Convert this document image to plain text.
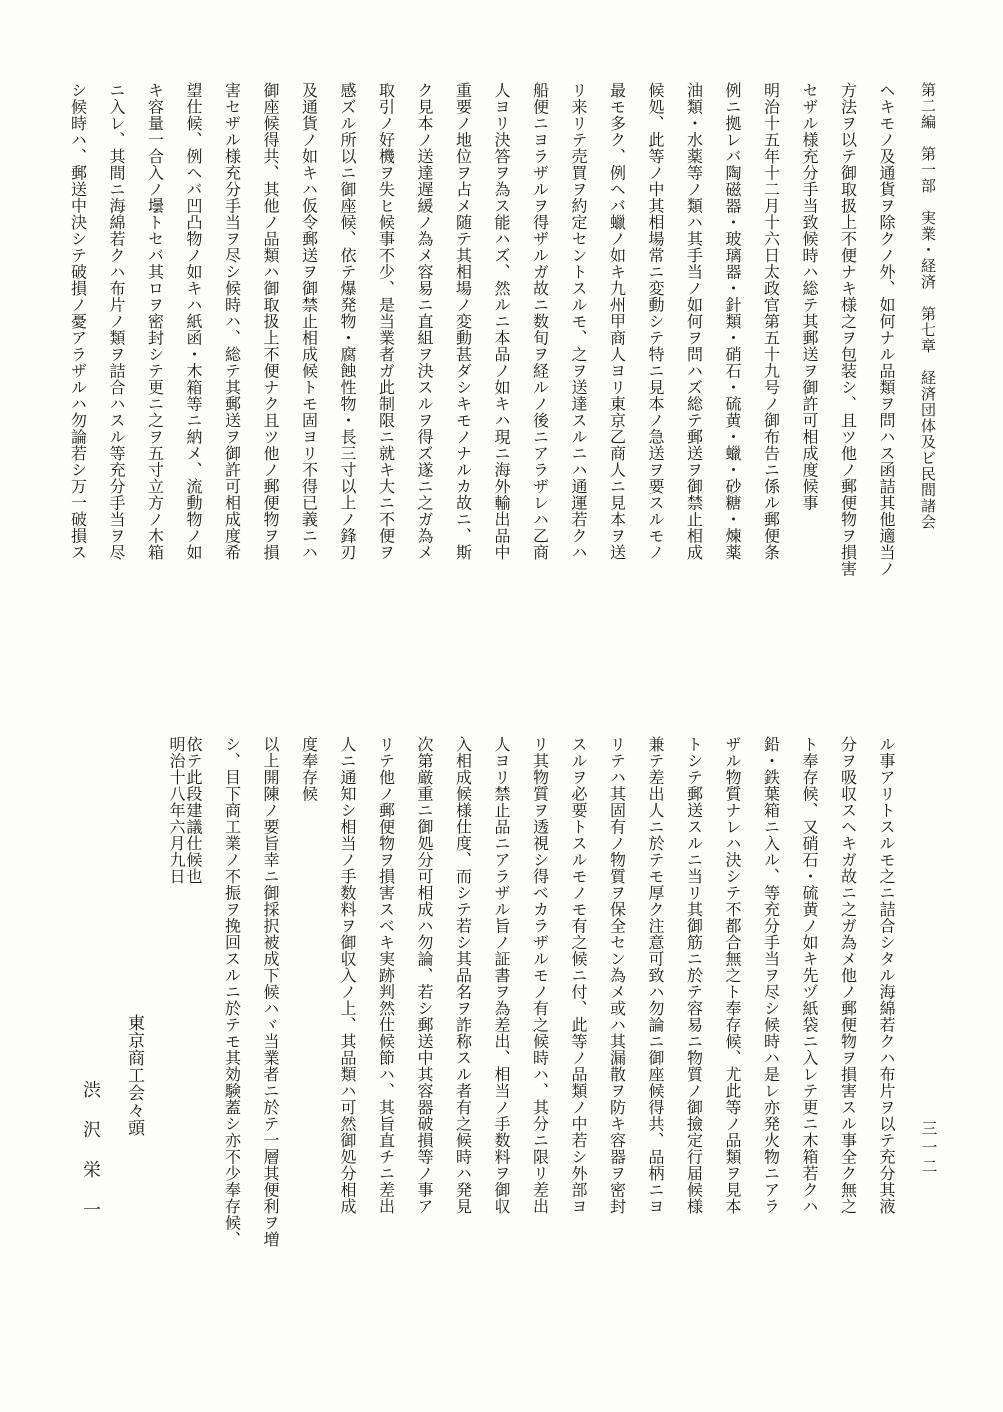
第二編　第一部　実業・経済　第七章　経済団体及ビ民間諸会
三一二
ヘキモノ及通貨ヲ除クノ外、如何ナル品類ヲ問ハス函詰其他適当ノ
方法ヲ以テ御取扱上不便ナキ様之ヲ包装シ、且ツ他ノ郵便物ヲ損害
セザル様充分手当致候時ハ総テ其郵送ヲ御許可相成度候事
明治十五年十二月十六日太政官第五十九号ノ御布告ニ係ル郵便条
例ニ拠レバ陶磁器・玻璃器・針類・硝石・硫黄・蠟・砂糖・煉薬
油類・水薬等ノ類ハ其手当ノ如何ヲ問ハズ総テ郵送ヲ御禁止相成
候処、此等ノ中其相場常ニ変動シテ特ニ見本ノ急送ヲ要スルモノ
最モ多ク、例ヘバ蠟ノ如キ九州甲商人ヨリ東京乙商人ニ見本ヲ送
リ来リテ売買ヲ約定セントスルモ、之ヲ送達スルニハ通運若クハ
船便ニヨラザルヲ得ザルガ故ニ数旬ヲ経ルノ後ニアラザレハ乙商
人ヨリ決答ヲ為ス能ハズ、然ルニ本品ノ如キハ現ニ海外輸出品中
重要ノ地位ヲ占メ随テ其相場ノ変動甚ダシキモノナルカ故ニ、斯
ク見本ノ送達遅緩ノ為メ容易ニ直組ヲ決スルヲ得ズ遂ニ之ガ為メ
取引ノ好機ヲ失ヒ候事不少、是当業者ガ此制限ニ就キ大ニ不便ヲ
感ズル所以ニ御座候、依テ爆発物・腐蝕性物・長三寸以上ノ鋒刃
及通貨ノ如キハ仮令郵送ヲ御禁止相成候トモ固ヨリ不得已義ニハ
御座候得共、其他ノ品類ハ御取扱上不便ナク且ツ他ノ郵便物ヲ損
害セザル様充分手当ヲ尽シ候時ハ、総テ其郵送ヲ御許可相成度希
望仕候、例ヘバ凹凸物ノ如キハ紙函・木箱等ニ納メ、流動物ノ如
キ容量一合入ノ壜トセバ其ロヲ密封シテ更ニ之ヲ五寸立方ノ木箱
ニ入レ、其間ニ海綿若クハ布片ノ類ヲ詰合ハスル等充分手当ヲ尽
シ候時ハ、郵送中決シテ破損ノ憂アラザルハ勿論若シ万一破損ス
ル事アリトスルモ之ニ詰合シタル海綿若クハ布片ヲ以テ充分其液
分ヲ吸収スヘキガ故ニ之ガ為メ他ノ郵便物ヲ損害スル事全ク無之
ト奉存候、又硝石・硫黄ノ如キ先ヅ紙袋ニ入レテ更ニ木箱若クハ
鉛・鉄葉箱ニ入ル、等充分手当ヲ尽シ候時ハ是レ亦発火物ニアラ
ザル物質ナレハ決シテ不都合無之ト奉存候、尤此等ノ品類ヲ見本
トシテ郵送スルニ当リ其御筋ニ於テ容易ニ物質ノ御撿定行届候様
兼テ差出人ニ於テモ厚ク注意可致ハ勿論ニ御座候得共、品柄ニヨ
リテハ其固有ノ物質ヲ保全セン為メ或ハ其漏散ヲ防キ容器ヲ密封
スルヲ必要トスルモノモ有之候ニ付、此等ノ品類ノ中若シ外部ヨ
リ其物質ヲ透視シ得ベカラザルモノ有之候時ハ、其分ニ限リ差出
人ヨリ禁止品ニアラザル旨ノ証書ヲ為差出、相当ノ手数料ヲ御収
入相成候様仕度、而シテ若シ其品名ヲ詐称スル者有之候時ハ発見
次第厳重ニ御処分可相成ハ勿論、若シ郵送中其容器破損等ノ事ア
リテ他ノ郵便物ヲ損害スベキ実跡判然仕候節ハ、其旨直チニ差出
人ニ通知シ相当ノ手数料ヲ御収入ノ上、其品類ハ可然御処分相成
度奉存候
以上開陳ノ要旨幸ニ御採択被成下候ハヾ当業者ニ於テ一層其便利ヲ増
シ、目下商工業ノ不振ヲ挽回スルニ於テモ其効験蓋シ亦不少奉存候、
依テ此段建議仕候也
明治十八年六月九日
東京商工会々頭
渋沢栄一
